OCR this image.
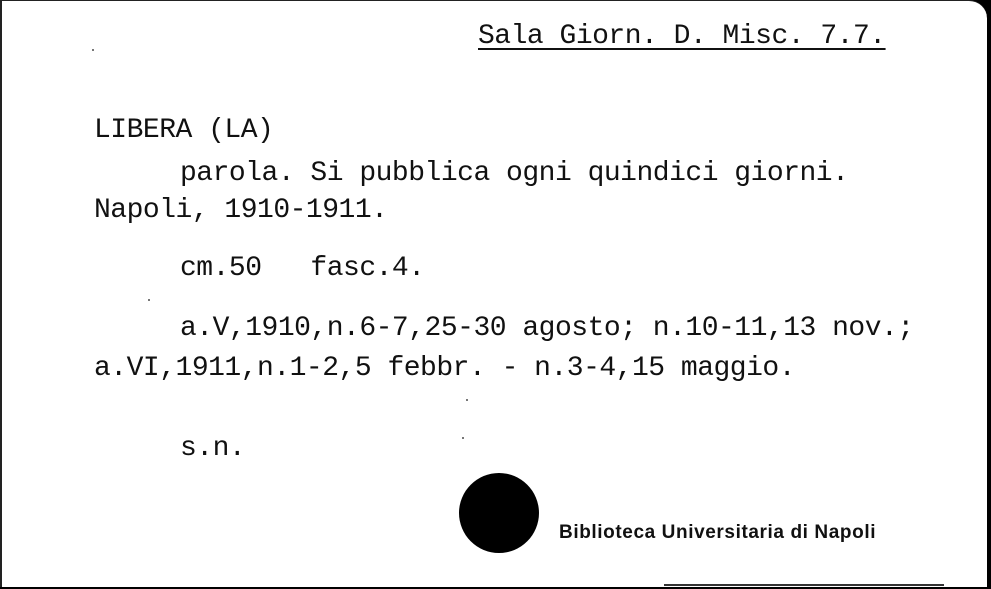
Sala Giorn. D. Misc. 7.7.
LIBERA (LA)
parola. Si pubblica ogni quindici giorni.
Napoli, 1910-1911.
cm.50   fasc.4.
a.V,1910,n.6-7,25-30 agosto; n.10-11,13 nov.;
a.VI,1911,n.1-2,5 febbr. - n.3-4,15 maggio.
s.n.
Biblioteca Universitaria di Napoli
